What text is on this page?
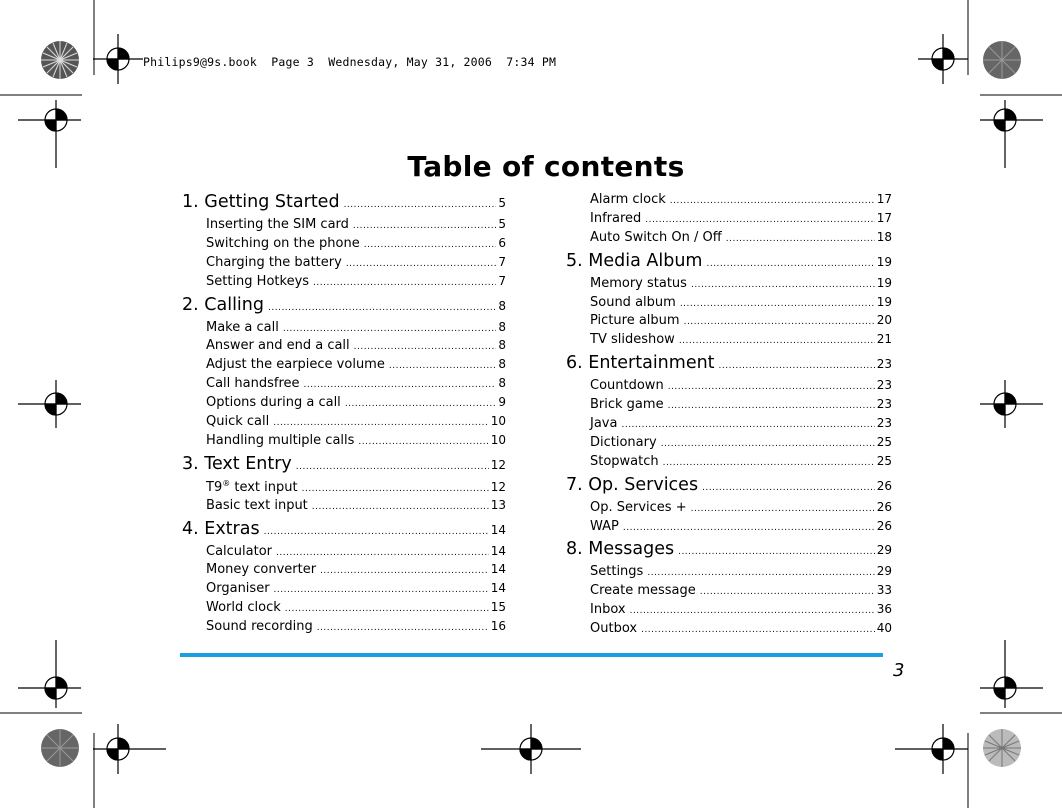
Philips9@9s.book  Page 3  Wednesday, May 31, 2006  7:34 PM
Table of contents
1. Getting Started .....	5
Inserting the SIM card .....	5
Switching on the phone .....	6
Charging the battery .....	7
Setting Hotkeys .....	7
2. Calling .....	8
Make a call .....	8
Answer and end a call .....	8
Adjust the earpiece volume .....	8
Call handsfree .....	8
Options during a call .....	9
Quick call .....	10
Handling multiple calls .....	10
3. Text Entry .....	12
T9® text input .....	12
Basic text input .....	13
4. Extras .....	14
Calculator .....	14
Money converter .....	14
Organiser .....	14
World clock .....	15
Sound recording .....	16
Alarm clock .....	17
Infrared .....	17
Auto Switch On / Off .....	18
5. Media Album .....	19
Memory status .....	19
Sound album .....	19
Picture album .....	20
TV slideshow .....	21
6. Entertainment .....	23
Countdown .....	23
Brick game .....	23
Java .....	23
Dictionary .....	25
Stopwatch .....	25
7. Op. Services .....	26
Op. Services + .....	26
WAP .....	26
8. Messages .....	29
Settings .....	29
Create message .....	33
Inbox .....	36
Outbox .....	40
3
